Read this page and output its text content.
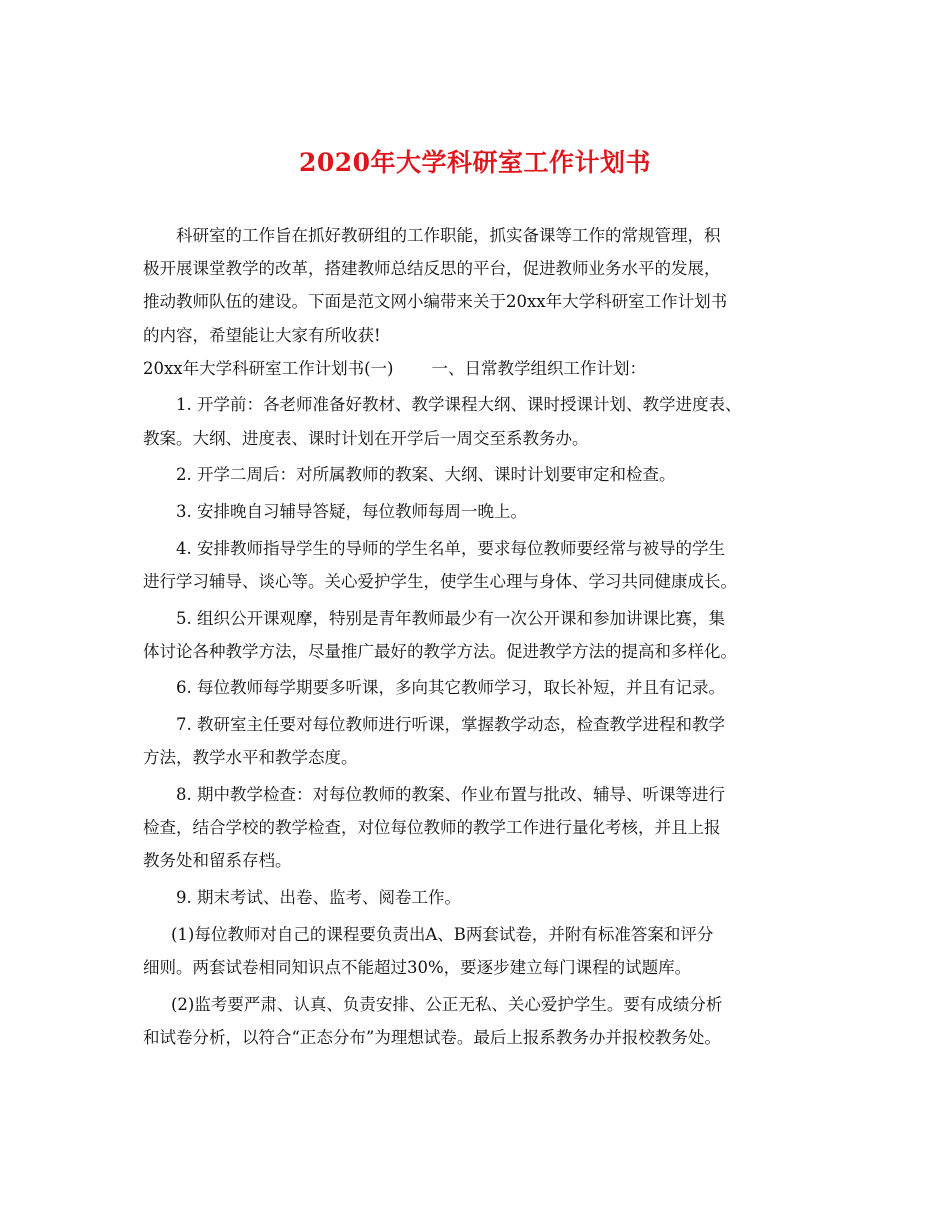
2020年大学科研室工作计划书

科研室的工作旨在抓好教研组的工作职能，抓实备课等工作的常规管理，积

极开展课堂教学的改革，搭建教师总结反思的平台，促进教师业务水平的发展，

推动教师队伍的建设。下面是范文网小编带来关于20xx年大学科研室工作计划书

的内容，希望能让大家有所收获!

20xx年大学科研室工作计划书(一) 一、日常教学组织工作计划：

1. 开学前：各老师准备好教材、教学课程大纲、课时授课计划、教学进度表、

教案。大纲、进度表、课时计划在开学后一周交至系教务办。

2. 开学二周后：对所属教师的教案、大纲、课时计划要审定和检查。

3. 安排晚自习辅导答疑，每位教师每周一晚上。

4. 安排教师指导学生的导师的学生名单，要求每位教师要经常与被导的学生

进行学习辅导、谈心等。关心爱护学生，使学生心理与身体、学习共同健康成长。

5. 组织公开课观摩，特别是青年教师最少有一次公开课和参加讲课比赛，集

体讨论各种教学方法，尽量推广最好的教学方法。促进教学方法的提高和多样化。

6. 每位教师每学期要多听课，多向其它教师学习，取长补短，并且有记录。

7. 教研室主任要对每位教师进行听课，掌握教学动态，检查教学进程和教学

方法，教学水平和教学态度。

8. 期中教学检查：对每位教师的教案、作业布置与批改、辅导、听课等进行

检查，结合学校的教学检查，对位每位教师的教学工作进行量化考核，并且上报

教务处和留系存档。

9. 期末考试、出卷、监考、阅卷工作。

(1)每位教师对自己的课程要负责出A、B两套试卷，并附有标准答案和评分

细则。两套试卷相同知识点不能超过30%，要逐步建立每门课程的试题库。

(2)监考要严肃、认真、负责安排、公正无私、关心爱护学生。要有成绩分析

和试卷分析，以符合“正态分布”为理想试卷。最后上报系教务办并报校教务处。
